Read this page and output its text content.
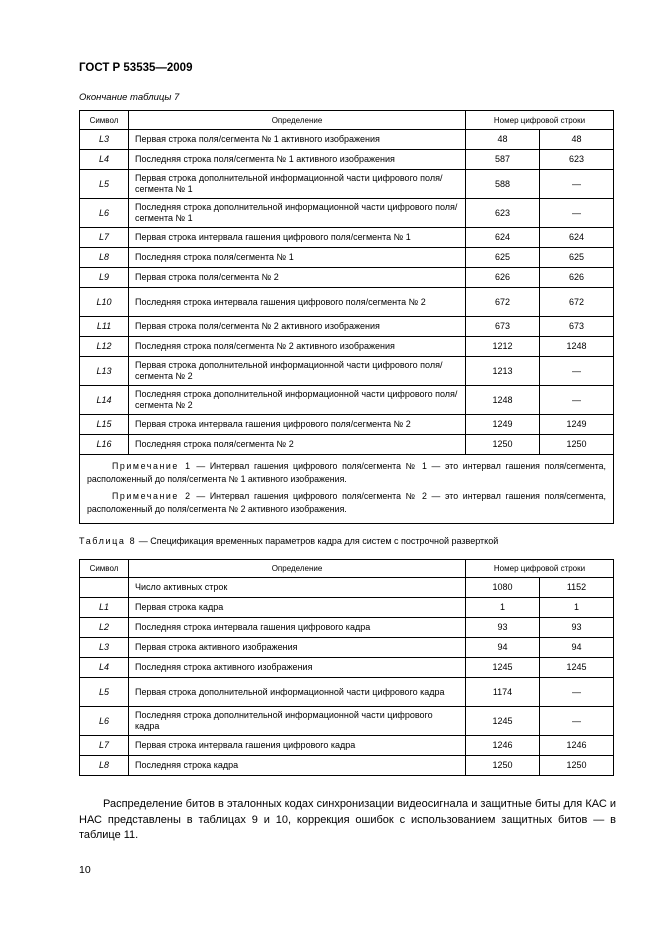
ГОСТ Р 53535—2009
Окончание таблицы 7
Символ	Определение	Номер цифровой строки	
L3	Первая строка поля/сегмента № 1 активного изображения	48	48
L4	Последняя строка поля/сегмента № 1 активного изображения	587	623
L5	Первая строка дополнительной информационной части цифрового поля/сегмента № 1	588	—
L6	Последняя строка дополнительной информационной части цифрового поля/сегмента № 1	623	—
L7	Первая строка интервала гашения цифрового поля/сегмента № 1	624	624
L8	Последняя строка поля/сегмента № 1	625	625
L9	Первая строка поля/сегмента № 2	626	626
L10	Последняя строка интервала гашения цифрового поля/сегмента № 2	672	672
L11	Первая строка поля/сегмента № 2 активного изображения	673	673
L12	Последняя строка поля/сегмента № 2 активного изображения	1212	1248
L13	Первая строка дополнительной информационной части цифрового поля/сегмента № 2	1213	—
L14	Последняя строка дополнительной информационной части цифрового поля/сегмента № 2	1248	—
L15	Первая строка интервала гашения цифрового поля/сегмента № 2	1249	1249
L16	Последняя строка поля/сегмента № 2	1250	1250

Примечание 1 — Интервал гашения цифрового поля/сегмента № 1 — это интервал гашения поля/сегмента, расположенный до поля/сегмента № 1 активного изображения.

Примечание 2 — Интервал гашения цифрового поля/сегмента № 2 — это интервал гашения поля/сегмента, расположенный до поля/сегмента № 2 активного изображения.			

Таблица 8 — Спецификация временных параметров кадра для систем с построчной разверткой
Символ	Определение	Номер цифровой строки	
	Число активных строк	1080	1152
L1	Первая строка кадра	1	1
L2	Последняя строка интервала гашения цифрового кадра	93	93
L3	Первая строка активного изображения	94	94
L4	Последняя строка активного изображения	1245	1245
L5	Первая строка дополнительной информационной части цифрового кадра	1174	—
L6	Последняя строка дополнительной информационной части цифрового кадра	1245	—
L7	Первая строка интервала гашения цифрового кадра	1246	1246
L8	Последняя строка кадра	1250	1250

Распределение битов в эталонных кодах синхронизации видеосигнала и защитные биты для КАС и НАС представлены в таблицах 9 и 10, коррекция ошибок с использованием защитных битов — в таблице 11.

10
